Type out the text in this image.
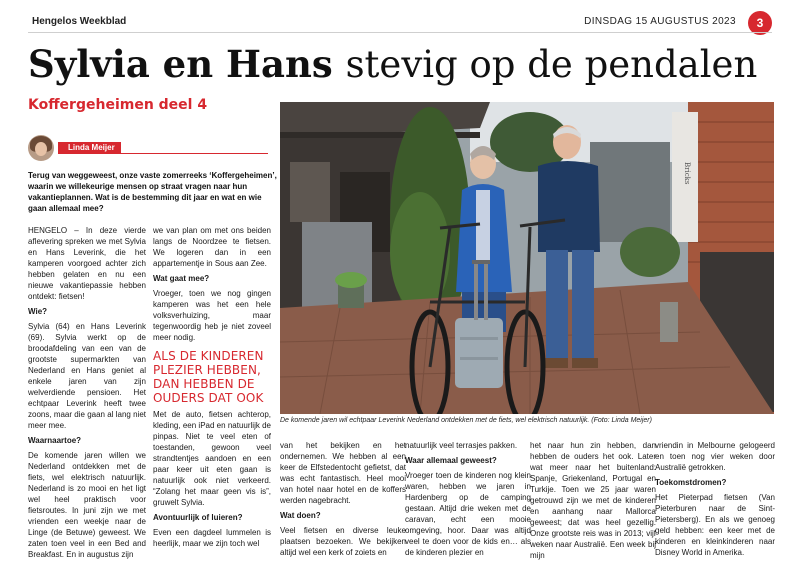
Hengelos Weekblad	DINSDAG 15 AUGUSTUS 2023	3
Sylvia en Hans stevig op de pendalen
Koffergeheimen deel 4
Linda Meijer

Terug van weggeweest, onze vaste zomerreeks ‘Koffergeheimen’, waarin we willekeurige mensen op straat vragen naar hun vakantieplannen. Wat is de bestemming dit jaar en wat en wie gaan allemaal mee?

HENGELO – In deze vierde aflevering spreken we met Sylvia en Hans Leverink, die het kamperen voorgoed achter zich hebben gelaten en nu een nieuwe vakantiepassie hebben ontdekt: fietsen!

Wie?

Sylvia (64) en Hans Leverink (69). Sylvia werkt op de broodafdeling van een van de grootste supermarkten van Nederland en Hans geniet al enkele jaren van zijn welverdiende pensioen. Het echtpaar Leverink heeft twee zoons, maar die gaan al lang niet meer mee.

Waarnaartoe?

De komende jaren willen we Nederland ontdekken met de fiets, wel elektrisch natuurlijk. Nederland is zo mooi en het ligt wel heel praktisch voor fietsroutes. In juni zijn we met vrienden een weekje naar de Linge (de Betuwe) geweest. We zaten toen veel in een Bed and Breakfast. En in augustus zijn

we van plan om met ons beiden langs de Noordzee te fietsen. We logeren dan in een appartementje in Sous aan Zee.

Wat gaat mee?

Vroeger, toen we nog gingen kamperen was het een hele volksverhuizing, maar tegenwoordig heb je niet zoveel meer nodig.

ALS DE KINDEREN PLEZIER HEBBEN, DAN HEBBEN DE OUDERS DAT OOK

Met de auto, fietsen achterop, kleding, een iPad en natuurlijk de pinpas. Niet te veel eten of toestanden, gewoon veel strandtentjes aandoen en een paar keer uit eten gaan is natuurlijk ook niet verkeerd. “Zolang het maar geen vis is”, gruwelt Sylvia.

Avontuurlijk of luieren?

Even een dagdeel lummelen is heerlijk, maar we zijn toch wel

Bricks

De komende jaren wil echtpaar Leverink Nederland ontdekken met de fiets, wel elektrisch natuurlijk. (Foto: Linda Meijer)

van het bekijken en het ondernemen. We hebben al een keer de Elfstedentocht gefietst, dat was echt fantastisch. Heel mooi van hotel naar hotel en de koffers werden nagebracht.

Wat doen?

Veel fietsen en diverse leuke plaatsen bezoeken. We bekijken altijd wel een kerk of zoiets en

natuurlijk veel terrasjes pakken.

Waar allemaal geweest?

Vroeger toen de kinderen nog klein waren, hebben we jaren in Hardenberg op de camping gestaan. Altijd drie weken met de caravan, echt een mooie omgeving, hoor. Daar was altijd veel te doen voor de kids en… als de kinderen plezier en

het naar hun zin hebben, dan hebben de ouders het ook. Later wat meer naar het buitenland: Spanje, Griekenland, Portugal en Turkije. Toen we 25 jaar waren getrouwd zijn we met de kinderen en aanhang naar Mallorca geweest; dat was heel gezellig. Onze grootste reis was in 2013; vijf weken naar Australië. Een week bij mijn

vriendin in Melbourne gelogeerd en toen nog vier weken door Australië getrokken.

Toekomstdromen?

Het Pieterpad fietsen (Van Pieterburen naar de Sint-Pietersberg). En als we genoeg geld hebben: een keer met de kinderen en kleinkinderen naar Disney World in Amerika.
